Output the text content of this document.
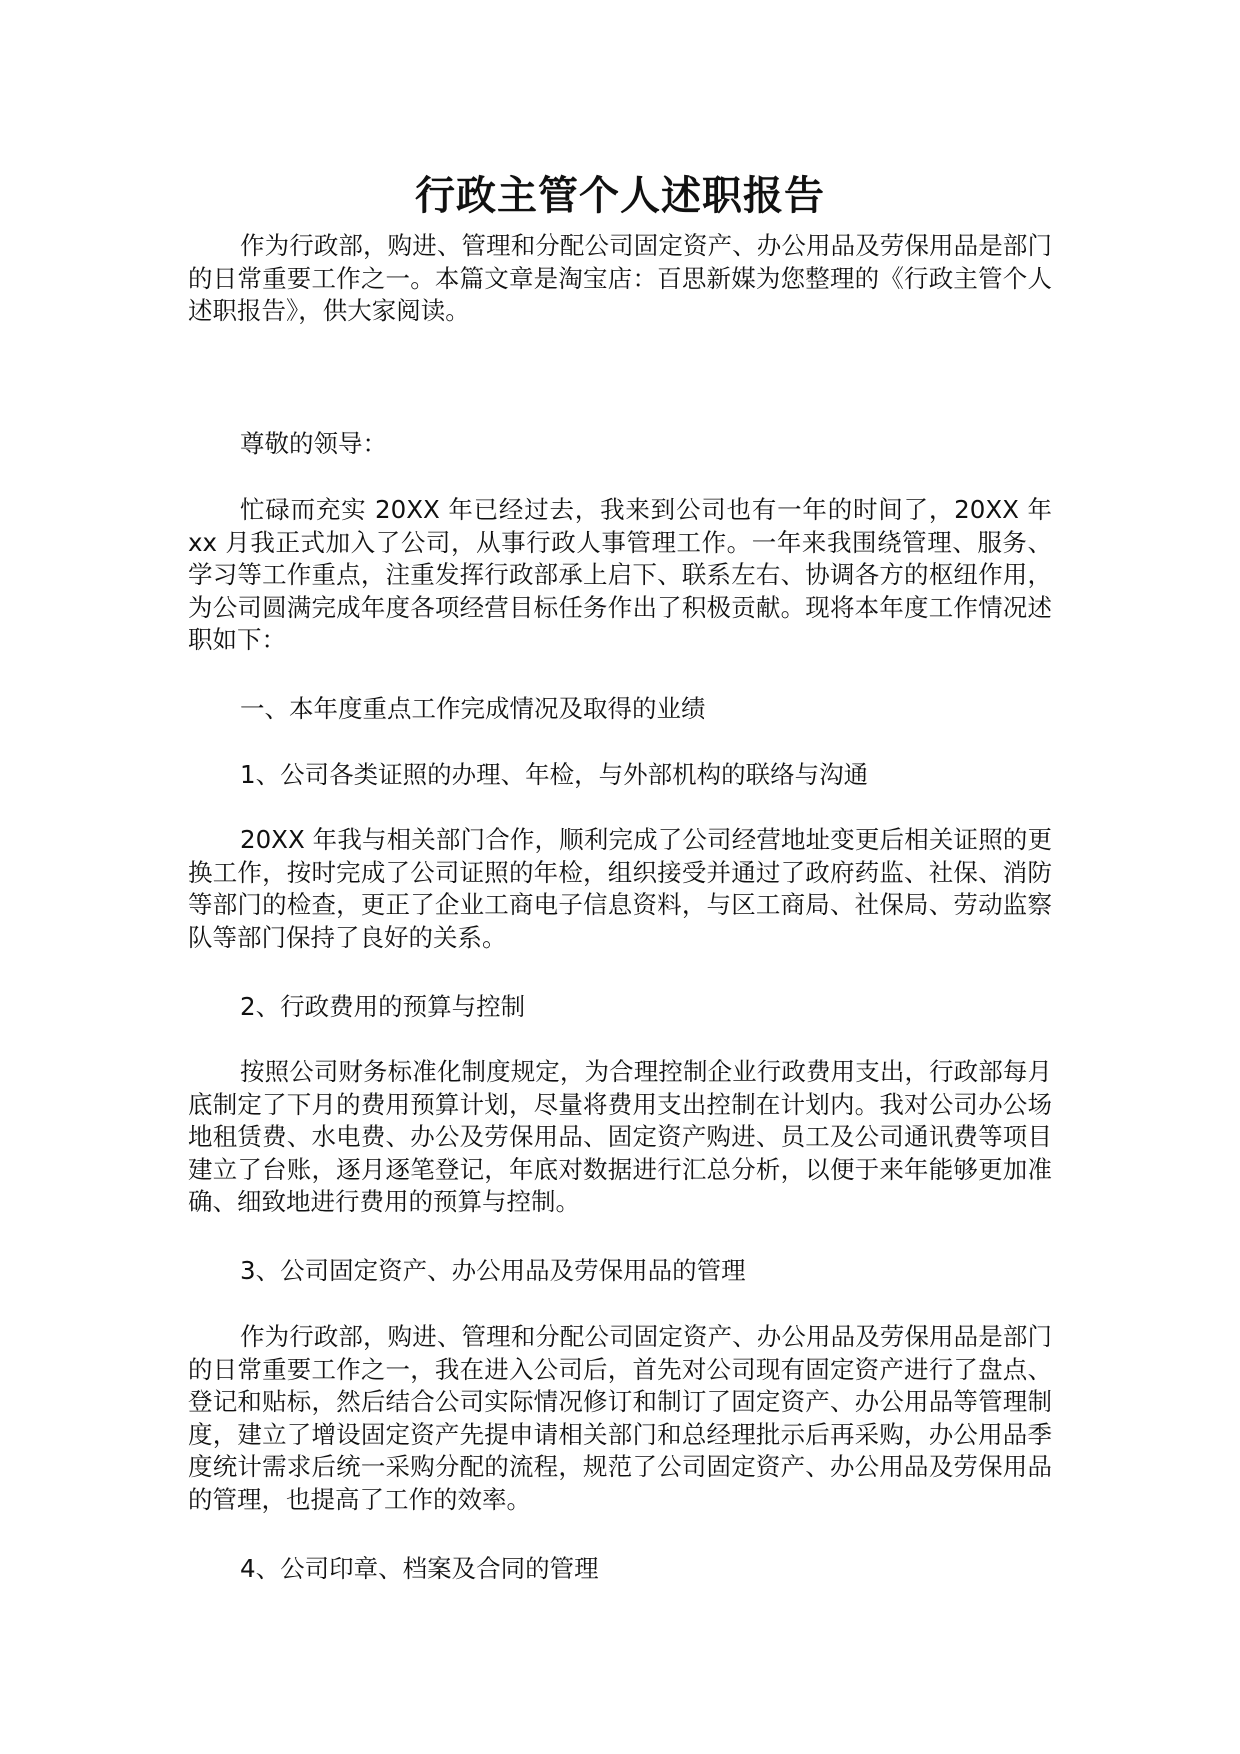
行政主管个人述职报告

作为行政部，购进、管理和分配公司固定资产、办公用品及劳保用品是部门的日常重要工作之一。本篇文章是淘宝店：百思新媒为您整理的《行政主管个人述职报告》，供大家阅读。

尊敬的领导：

忙碌而充实 20XX 年已经过去，我来到公司也有一年的时间了，20XX 年 xx 月我正式加入了公司，从事行政人事管理工作。一年来我围绕管理、服务、学习等工作重点，注重发挥行政部承上启下、联系左右、协调各方的枢纽作用，为公司圆满完成年度各项经营目标任务作出了积极贡献。现将本年度工作情况述职如下：

一、本年度重点工作完成情况及取得的业绩

1、公司各类证照的办理、年检，与外部机构的联络与沟通

20XX 年我与相关部门合作，顺利完成了公司经营地址变更后相关证照的更换工作，按时完成了公司证照的年检，组织接受并通过了政府药监、社保、消防等部门的检查，更正了企业工商电子信息资料，与区工商局、社保局、劳动监察队等部门保持了良好的关系。

2、行政费用的预算与控制

按照公司财务标准化制度规定，为合理控制企业行政费用支出，行政部每月底制定了下月的费用预算计划，尽量将费用支出控制在计划内。我对公司办公场地租赁费、水电费、办公及劳保用品、固定资产购进、员工及公司通讯费等项目建立了台账，逐月逐笔登记，年底对数据进行汇总分析，以便于来年能够更加准确、细致地进行费用的预算与控制。

3、公司固定资产、办公用品及劳保用品的管理

作为行政部，购进、管理和分配公司固定资产、办公用品及劳保用品是部门的日常重要工作之一，我在进入公司后，首先对公司现有固定资产进行了盘点、登记和贴标，然后结合公司实际情况修订和制订了固定资产、办公用品等管理制度，建立了增设固定资产先提申请相关部门和总经理批示后再采购，办公用品季度统计需求后统一采购分配的流程，规范了公司固定资产、办公用品及劳保用品的管理，也提高了工作的效率。

4、公司印章、档案及合同的管理
